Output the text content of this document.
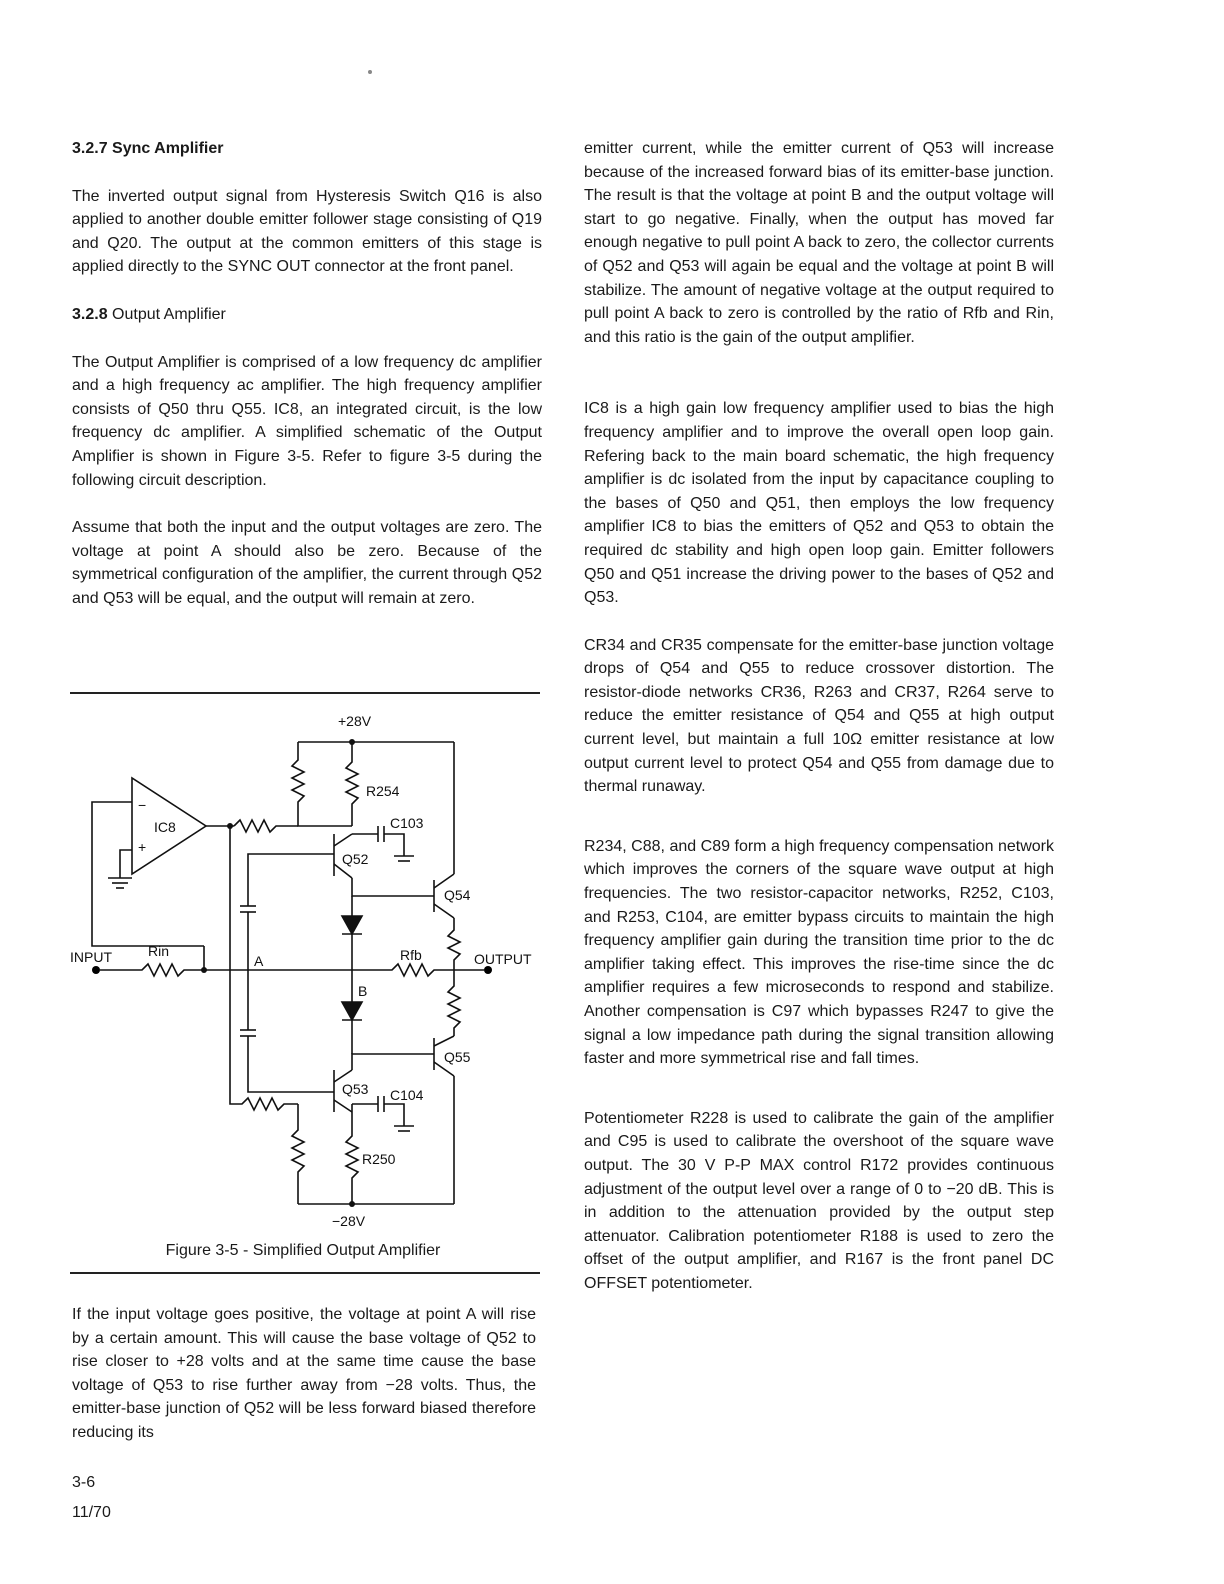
3.2.7 Sync Amplifier

The inverted output signal from Hysteresis Switch Q16 is also applied to another double emitter follower stage consisting of Q19 and Q20. The output at the common emitters of this stage is applied directly to the SYNC OUT connector at the front panel.

3.2.8 Output Amplifier

The Output Amplifier is comprised of a low frequency dc amplifier and a high frequency ac amplifier. The high frequency amplifier consists of Q50 thru Q55. IC8, an integrated circuit, is the low frequency dc amplifier. A simplified schematic of the Output Amplifier is shown in Figure 3-5. Refer to figure 3-5 during the following circuit description.

Assume that both the input and the output voltages are zero. The voltage at point A should also be zero. Because of the symmetrical configuration of the amplifier, the current through Q52 and Q53 will be equal, and the output will remain at zero.

+28V
−28V
IC8
−
+
R254
R250
C103
C104
Q52
Q53
B
INPUT	Rin
A	Rfb	OUTPUT
Q54
Q55
Figure 3-5 - Simplified Output Amplifier

If the input voltage goes positive, the voltage at point A will rise by a certain amount. This will cause the base voltage of Q52 to rise closer to +28 volts and at the same time cause the base voltage of Q53 to rise further away from −28 volts. Thus, the emitter-base junction of Q52 will be less forward biased therefore reducing its

emitter current, while the emitter current of Q53 will increase because of the increased forward bias of its emitter-base junction. The result is that the voltage at point B and the output voltage will start to go negative. Finally, when the output has moved far enough negative to pull point A back to zero, the collector currents of Q52 and Q53 will again be equal and the voltage at point B will stabilize. The amount of negative voltage at the output required to pull point A back to zero is controlled by the ratio of Rfb and Rin, and this ratio is the gain of the output amplifier.

IC8 is a high gain low frequency amplifier used to bias the high frequency amplifier and to improve the overall open loop gain. Refering back to the main board schematic, the high frequency amplifier is dc isolated from the input by capacitance coupling to the bases of Q50 and Q51, then employs the low frequency amplifier IC8 to bias the emitters of Q52 and Q53 to obtain the required dc stability and high open loop gain. Emitter followers Q50 and Q51 increase the driving power to the bases of Q52 and Q53.

CR34 and CR35 compensate for the emitter-base junction voltage drops of Q54 and Q55 to reduce crossover distortion. The resistor-diode networks CR36, R263 and CR37, R264 serve to reduce the emitter resistance of Q54 and Q55 at high output current level, but maintain a full 10Ω emitter resistance at low output current level to protect Q54 and Q55 from damage due to thermal runaway.

R234, C88, and C89 form a high frequency compensation network which improves the corners of the square wave output at high frequencies. The two resistor-capacitor networks, R252, C103, and R253, C104, are emitter bypass circuits to maintain the high frequency amplifier gain during the transition time prior to the dc amplifier taking effect. This improves the rise-time since the dc amplifier requires a few microseconds to respond and stabilize. Another compensation is C97 which bypasses R247 to give the signal a low impedance path during the signal transition allowing faster and more symmetrical rise and fall times.

Potentiometer R228 is used to calibrate the gain of the amplifier and C95 is used to calibrate the overshoot of the square wave output. The 30 V P-P MAX control R172 provides continuous adjustment of the output level over a range of 0 to −20 dB. This is in addition to the attenuation provided by the output step attenuator. Calibration potentiometer R188 is used to zero the offset of the output amplifier, and R167 is the front panel DC OFFSET potentiometer.

3-6
11/70
